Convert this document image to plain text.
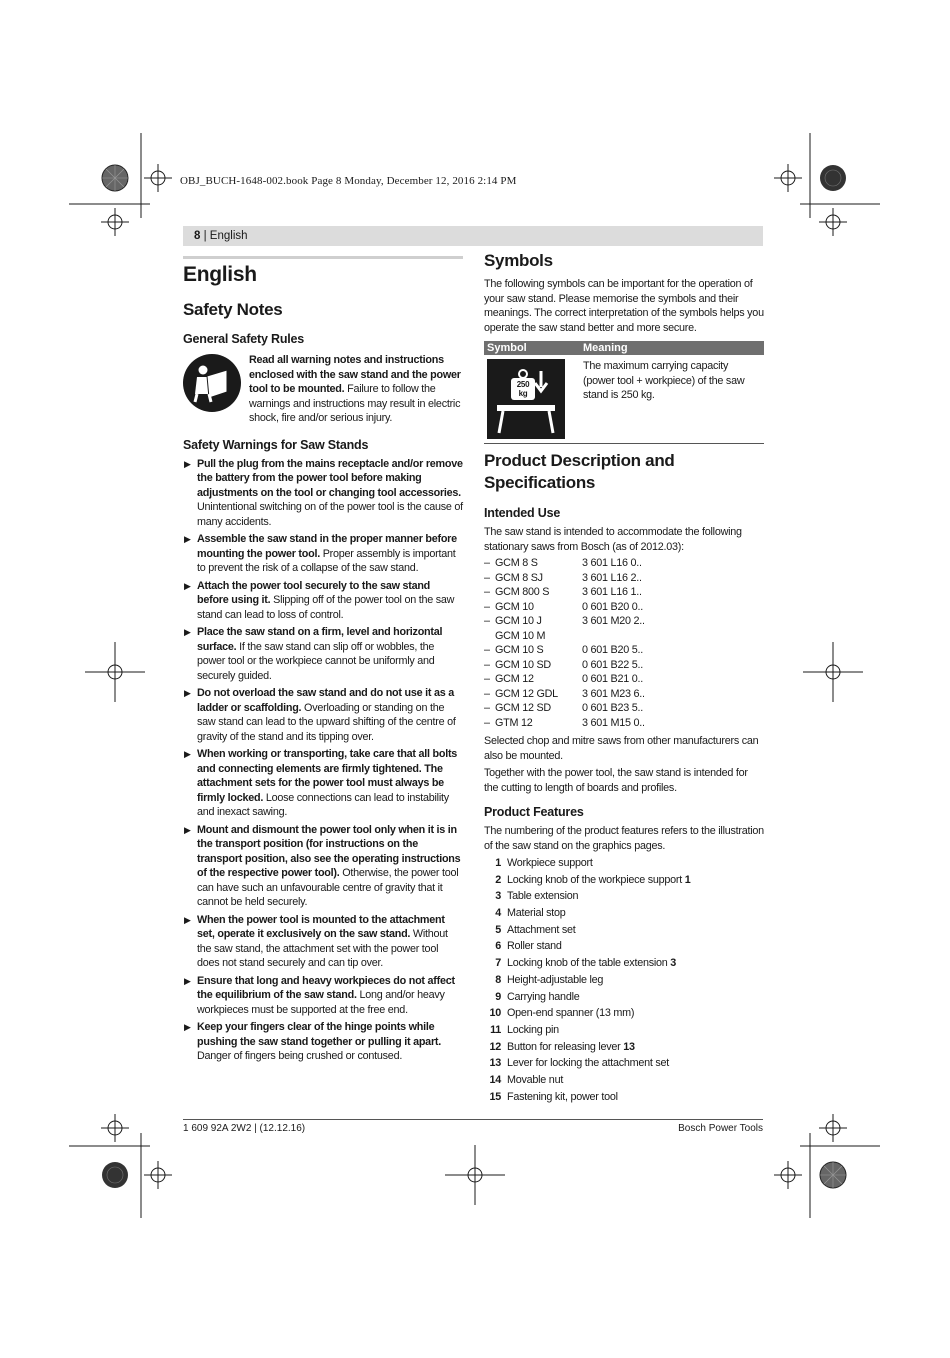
OBJ_BUCH-1648-002.book Page 8 Monday, December 12, 2016 2:14 PM
8 | English
English
Safety Notes
General Safety Rules

Read all warning notes and instructions enclosed with the saw stand and the power tool to be mounted. Failure to follow the warnings and instructions may result in electric shock, fire and/or serious injury.

Safety Warnings for Saw Stands
▶ Pull the plug from the mains receptacle and/or remove the battery from the power tool before making adjustments on the tool or changing tool accessories. Unintentional switching on of the power tool is the cause of many accidents.
▶ Assemble the saw stand in the proper manner before mounting the power tool. Proper assembly is important to prevent the risk of a collapse of the saw stand.
▶ Attach the power tool securely to the saw stand before using it. Slipping off of the power tool on the saw stand can lead to loss of control.
▶ Place the saw stand on a firm, level and horizontal surface. If the saw stand can slip off or wobbles, the power tool or the workpiece cannot be uniformly and securely guided.
▶ Do not overload the saw stand and do not use it as a ladder or scaffolding. Overloading or standing on the saw stand can lead to the upward shifting of the centre of gravity of the stand and its tipping over.
▶ When working or transporting, take care that all bolts and connecting elements are firmly tightened. The attachment sets for the power tool must always be firmly locked. Loose connections can lead to instability and inexact sawing.
▶ Mount and dismount the power tool only when it is in the transport position (for instructions on the transport position, also see the operating instructions of the respective power tool). Otherwise, the power tool can have such an unfavourable centre of gravity that it cannot be held securely.
▶ When the power tool is mounted to the attachment set, operate it exclusively on the saw stand. Without the saw stand, the attachment set with the power tool does not stand securely and can tip over.
▶ Ensure that long and heavy workpieces do not affect the equilibrium of the saw stand. Long and/or heavy workpieces must be supported at the free end.
▶ Keep your fingers clear of the hinge points while pushing the saw stand together or pulling it apart. Danger of fingers being crushed or contused.
Symbols

The following symbols can be important for the operation of your saw stand. Please memorise the symbols and their meanings. The correct interpretation of the symbols helps you operate the saw stand better and more secure.

Symbol	Meaning

250
kg	The maximum carrying capacity (power tool + workpiece) of the saw stand is 250 kg.
Product Description and Specifications
Intended Use

The saw stand is intended to accommodate the following stationary saws from Bosch (as of 2012.03):

– GCM 8 S	3 601 L16 0..
– GCM 8 SJ	3 601 L16 2..
– GCM 800 S	3 601 L16 1..
– GCM 10	0 601 B20 0..
– GCM 10 J	3 601 M20 2..
GCM 10 M
– GCM 10 S	0 601 B20 5..
– GCM 10 SD	0 601 B22 5..
– GCM 12	0 601 B21 0..
– GCM 12 GDL	3 601 M23 6..
– GCM 12 SD	0 601 B23 5..
– GTM 12	3 601 M15 0..

Selected chop and mitre saws from other manufacturers can also be mounted.

Together with the power tool, the saw stand is intended for the cutting to length of boards and profiles.

Product Features

The numbering of the product features refers to the illustration of the saw stand on the graphics pages.

1 Workpiece support
2 Locking knob of the workpiece support 1
3 Table extension
4 Material stop
5 Attachment set
6 Roller stand
7 Locking knob of the table extension 3
8 Height-adjustable leg
9 Carrying handle
10 Open-end spanner (13 mm)
11 Locking pin
12 Button for releasing lever 13
13 Lever for locking the attachment set
14 Movable nut
15 Fastening kit, power tool
1 609 92A 2W2 | (12.12.16)	Bosch Power Tools
